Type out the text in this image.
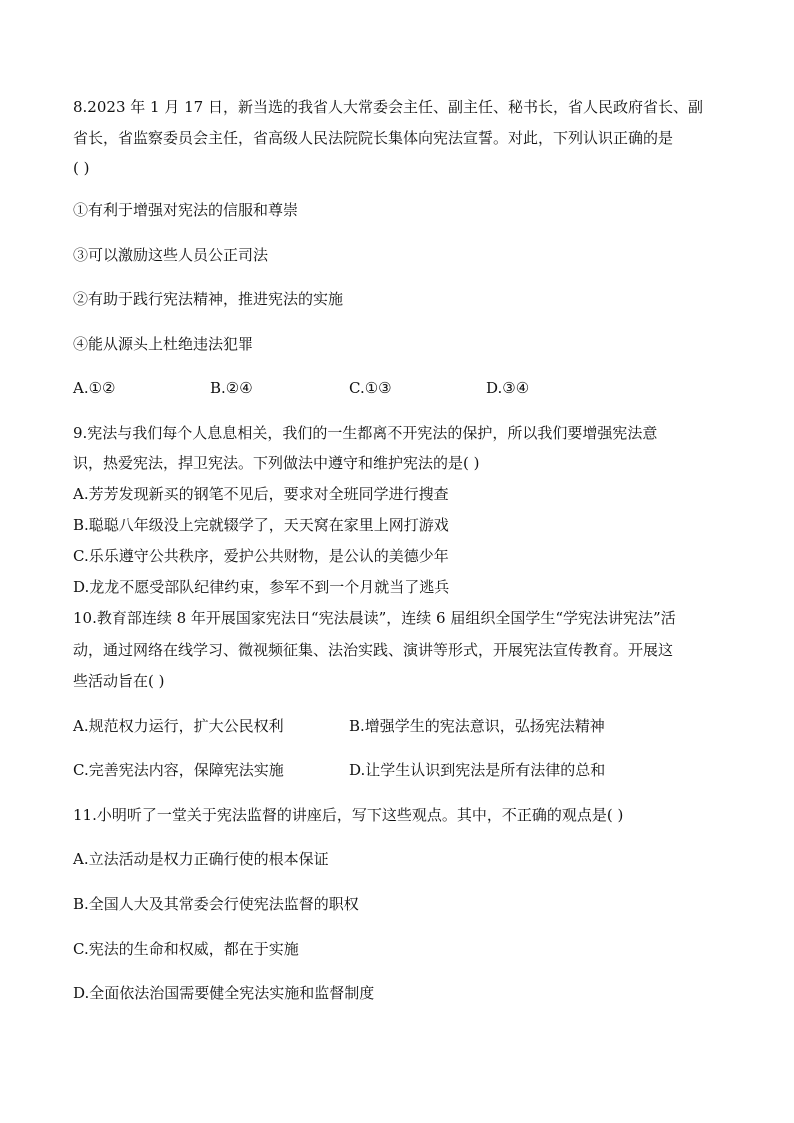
8.2023 年 1 月 17 日，新当选的我省人大常委会主任、副主任、秘书长，省人民政府省长、副
省长，省监察委员会主任，省高级人民法院院长集体向宪法宣誓。对此，下列认识正确的是
( )
①有利于增强对宪法的信服和尊崇
③可以激励这些人员公正司法
②有助于践行宪法精神，推进宪法的实施
④能从源头上杜绝违法犯罪
A.①②	B.②④	C.①③	D.③④
9.宪法与我们每个人息息相关，我们的一生都离不开宪法的保护，所以我们要增强宪法意
识，热爱宪法，捍卫宪法。下列做法中遵守和维护宪法的是( )
A.芳芳发现新买的钢笔不见后，要求对全班同学进行搜查
B.聪聪八年级没上完就辍学了，天天窝在家里上网打游戏
C.乐乐遵守公共秩序，爱护公共财物，是公认的美德少年
D.龙龙不愿受部队纪律约束，参军不到一个月就当了逃兵
10.教育部连续 8 年开展国家宪法日“宪法晨读”，连续 6 届组织全国学生“学宪法讲宪法”活
动，通过网络在线学习、微视频征集、法治实践、演讲等形式，开展宪法宣传教育。开展这
些活动旨在( )
A.规范权力运行，扩大公民权利	B.增强学生的宪法意识，弘扬宪法精神
C.完善宪法内容，保障宪法实施	D.让学生认识到宪法是所有法律的总和
11.小明听了一堂关于宪法监督的讲座后，写下这些观点。其中，不正确的观点是( )
A.立法活动是权力正确行使的根本保证
B.全国人大及其常委会行使宪法监督的职权
C.宪法的生命和权威，都在于实施
D.全面依法治国需要健全宪法实施和监督制度
